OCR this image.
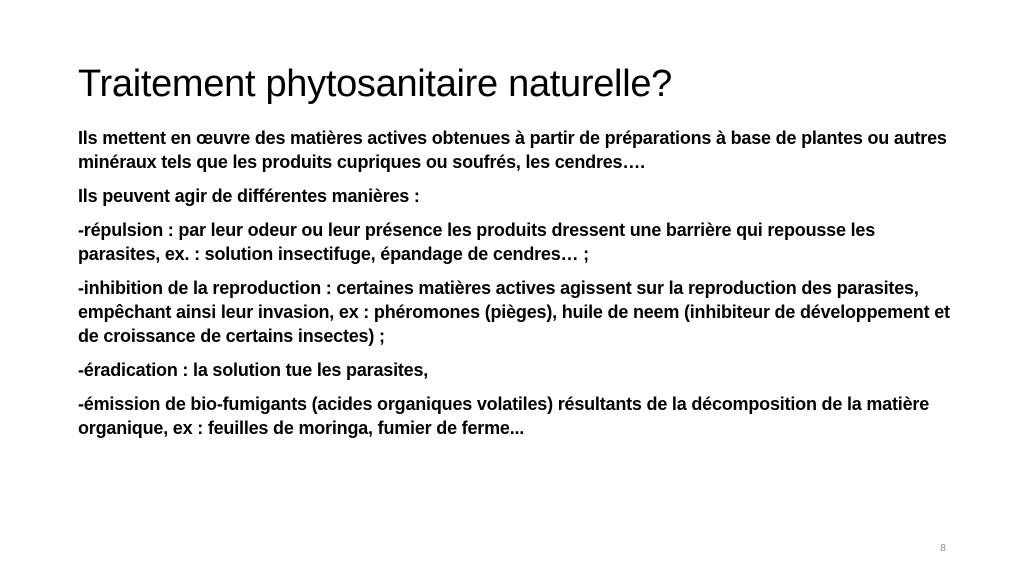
Traitement phytosanitaire naturelle?

Ils mettent en œuvre des matières actives obtenues à partir de préparations à base de plantes ou autres minéraux tels que les produits cupriques ou soufrés, les cendres….

Ils peuvent agir de différentes manières :

-répulsion : par leur odeur ou leur présence les produits dressent une barrière qui repousse les parasites, ex. : solution insectifuge, épandage de cendres… ;

-inhibition de la reproduction : certaines matières actives agissent sur la reproduction des parasites, empêchant ainsi leur invasion, ex : phéromones (pièges), huile de neem (inhibiteur de développement et de croissance de certains insectes) ;

-éradication : la solution tue les parasites,

-émission de bio-fumigants (acides organiques volatiles) résultants de la décomposition de la matière organique, ex : feuilles de moringa, fumier de ferme...

8
